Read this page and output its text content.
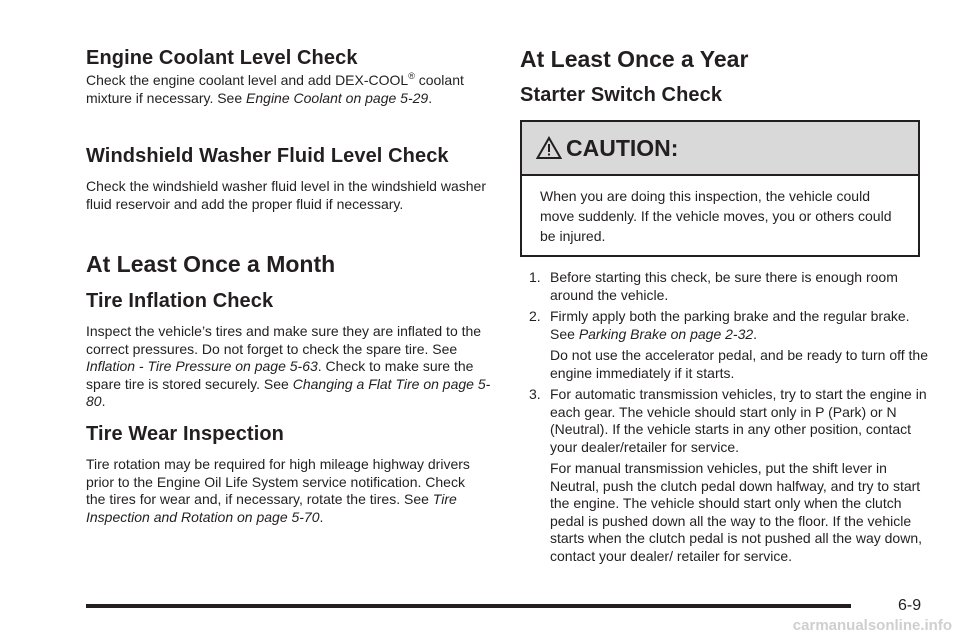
Engine Coolant Level Check

Check the engine coolant level and add DEX-COOL® coolant mixture if necessary. See Engine Coolant on page 5-29.

Windshield Washer Fluid Level Check

Check the windshield washer fluid level in the windshield washer fluid reservoir and add the proper fluid if necessary.

At Least Once a Month
Tire Inflation Check

Inspect the vehicle’s tires and make sure they are inflated to the correct pressures. Do not forget to check the spare tire. See Inflation - Tire Pressure on page 5-63. Check to make sure the spare tire is stored securely. See Changing a Flat Tire on page 5-80.

Tire Wear Inspection

Tire rotation may be required for high mileage highway drivers prior to the Engine Oil Life System service notification. Check the tires for wear and, if necessary, rotate the tires. See Tire Inspection and Rotation on page 5-70.

At Least Once a Year
Starter Switch Check
CAUTION:
When you are doing this inspection, the vehicle could move suddenly. If the vehicle moves, you or others could be injured.
1. Before starting this check, be sure there is enough room around the vehicle.

2. Firmly apply both the parking brake and the regular brake. See Parking Brake on page 2-32.

Do not use the accelerator pedal, and be ready to turn off the engine immediately if it starts.

3. For automatic transmission vehicles, try to start the engine in each gear. The vehicle should start only in P (Park) or N (Neutral). If the vehicle starts in any other position, contact your dealer/retailer for service.

For manual transmission vehicles, put the shift lever in Neutral, push the clutch pedal down halfway, and try to start the engine. The vehicle should start only when the clutch pedal is pushed down all the way to the floor. If the vehicle starts when the clutch pedal is not pushed all the way down, contact your dealer/ retailer for service.

6-9
carmanualsonline.info
